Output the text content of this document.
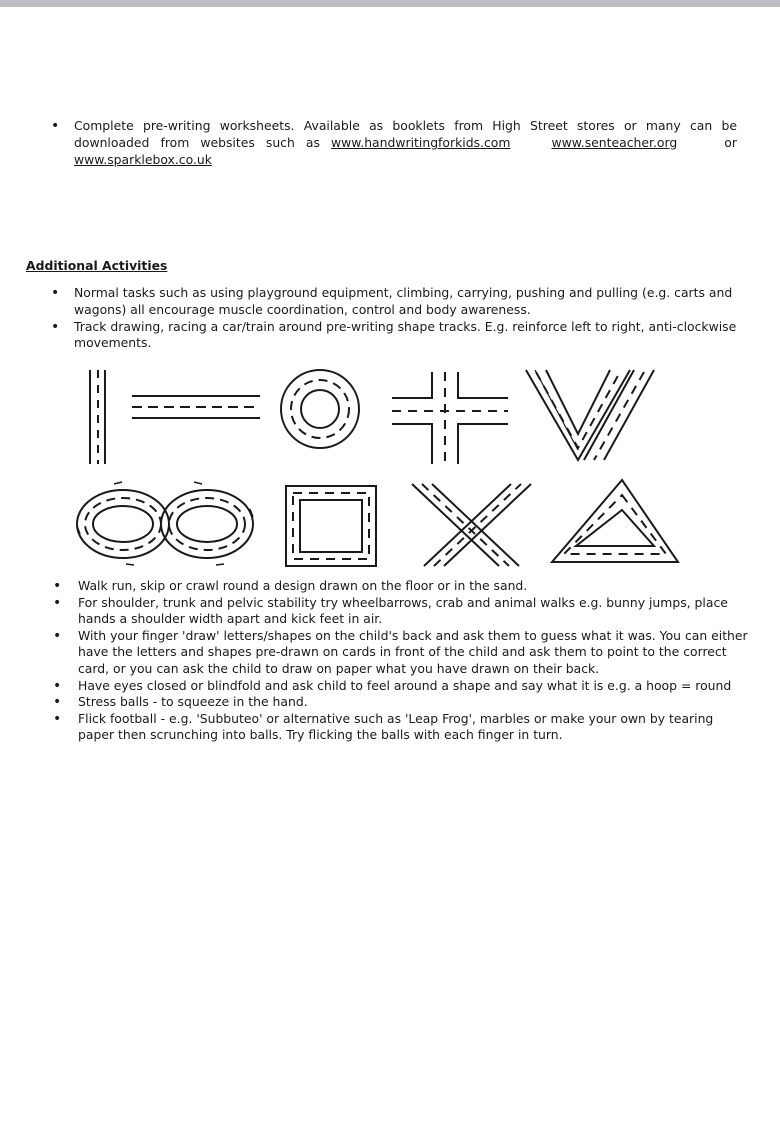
• Complete pre-writing worksheets. Available as booklets from High Street stores or many can be downloaded from websites such as www.handwritingforkids.com	www.senteacher.org	or www.sparklebox.co.uk
Additional Activities
• Normal tasks such as using playground equipment, climbing, carrying, pushing and pulling (e.g. carts and wagons) all encourage muscle coordination, control and body awareness.
• Track drawing, racing a car/train around pre-writing shape tracks. E.g. reinforce left to right, anti-clockwise movements.
• Walk run, skip or crawl round a design drawn on the floor or in the sand.
• For shoulder, trunk and pelvic stability try wheelbarrows, crab and animal walks e.g. bunny jumps, place hands a shoulder width apart and kick feet in air.
• With your finger 'draw' letters/shapes on the child's back and ask them to guess what it was. You can either have the letters and shapes pre-drawn on cards in front of the child and ask them to point to the correct card, or you can ask the child to draw on paper what you have drawn on their back.
• Have eyes closed or blindfold and ask child to feel around a shape and say what it is e.g. a hoop = round
• Stress balls - to squeeze in the hand.
• Flick football - e.g. 'Subbuteo' or alternative such as 'Leap Frog', marbles or make your own by tearing paper then scrunching into balls. Try flicking the balls with each finger in turn.
